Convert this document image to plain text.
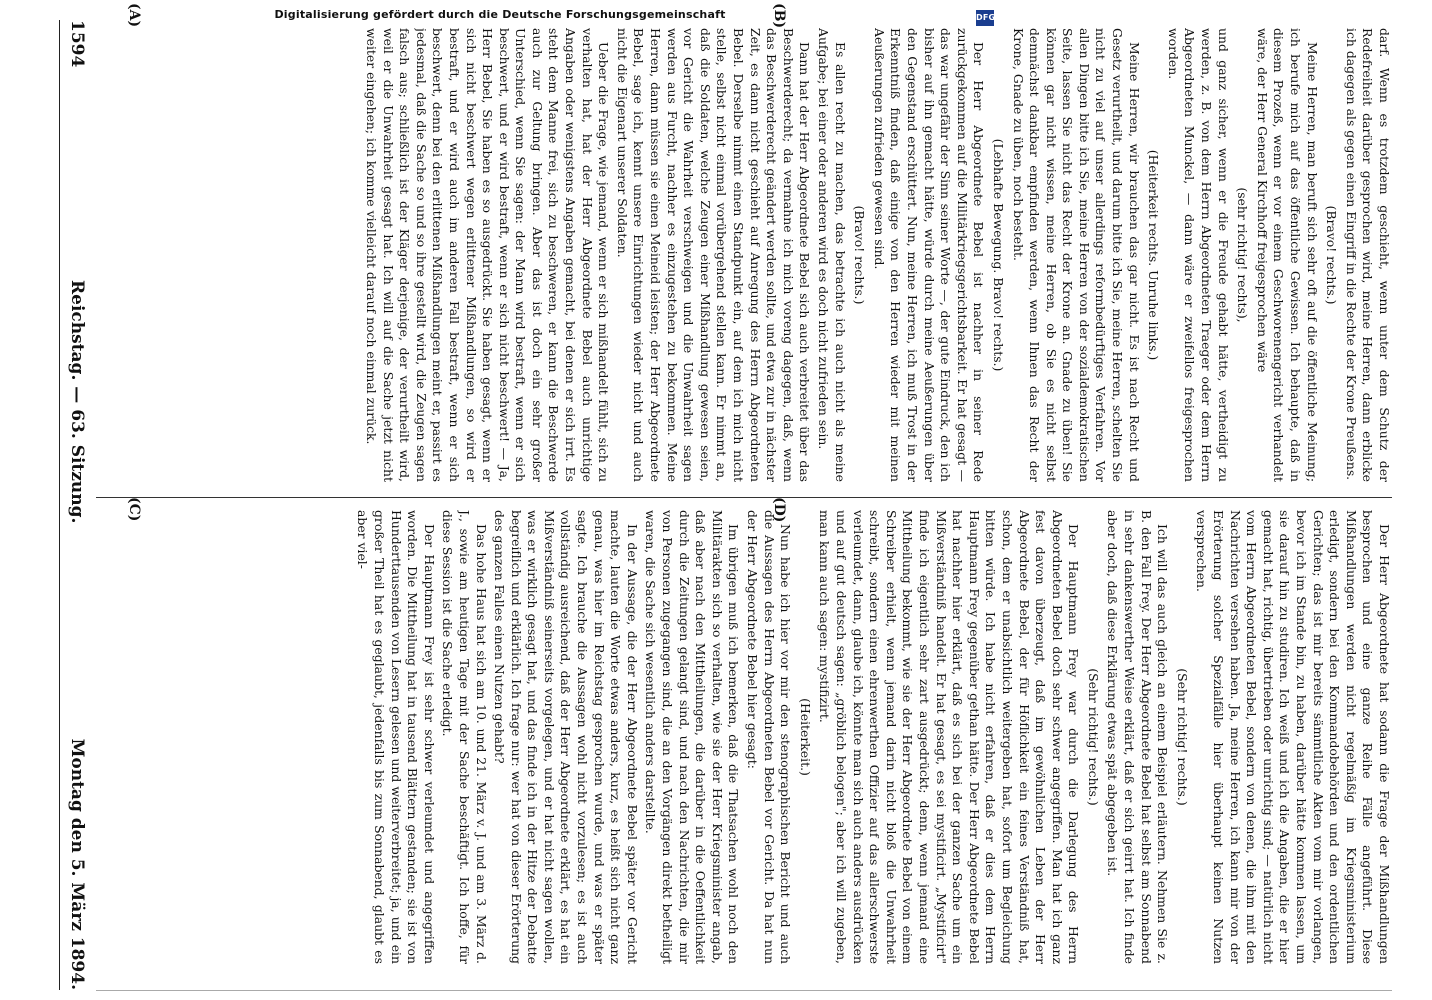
Digitalisierung gefördert durch die Deutsche Forschungsgemeinschaft	DFG
1594
Reichstag. — 63. Sitzung.
Montag den 5. März 1894.

darf. Wenn es trotzdem geschieht, wenn unter dem Schutz der Redefreiheit darüber gesprochen wird, meine Herren, dann erblicke ich dagegen als gegen einen Eingriff in die Rechte der Krone Preußens.

(Bravo! rechts.)

Meine Herren, man beruft sich sehr oft auf die öffentliche Meinung; ich berufe mich auf das öffentliche Gewissen. Ich behaupte, daß in diesem Prozeß, wenn er vor einem Geschworenengericht verhandelt wäre, der Herr General Kirchhoff freigesprochen wäre

(sehr richtig! rechts),

und ganz sicher, wenn er die Freude gehabt hätte, vertheidigt zu werden, z. B. von dem Herrn Abgeordneten Traeger oder dem Herrn Abgeordneten Munckel, — dann wäre er zweifellos freigesprochen worden.

(Heiterkeit rechts. Unruhe links.)

Meine Herren, wir brauchen das gar nicht. Es ist nach Recht und Gesetz verurtheilt, und darum bitte ich Sie, meine Herren, schelten Sie nicht zu viel auf unser allerdings reformbedürftiges Verfahren. Vor allen Dingen bitte ich Sie, meine Herren von der sozialdemokratischen Seite, lassen Sie nicht das Recht der Krone an. Gnade zu üben! Sie können gar nicht wissen, meine Herren, ob Sie es nicht selbst demnächst dankbar empfinden werden, wenn Ihnen das Recht der Krone, Gnade zu üben, noch besteht.

(Lebhafte Bewegung. Bravo! rechts.)

Der Herr Abgeordnete Bebel ist nachher in seiner Rede zurückgekommen auf die Militärkriegsgerichtsbarkeit. Er hat gesagt — das war ungefähr der Sinn seiner Worte —, der gute Eindruck, den ich bisher auf ihn gemacht hätte, würde durch meine Aeußerungen über den Gegenstand erschüttert. Nun, meine Herren, ich muß Trost in der Erkenntniß finden, daß einige von den Herren wieder mit meinen Aeußerungen zufrieden gewesen sind.

(Bravo! rechts.)

Es allen recht zu machen, das betrachte ich auch nicht als meine Aufgabe; bei einer oder anderen wird es doch nicht zufrieden sein.

Dann hat der Herr Abgeordnete Bebel sich auch verbreitet über das Beschwerderecht; da vermahne ich mich voreng dagegen, daß, wenn das Beschwerderecht geändert werden sollte, und etwa zur in nächster Zeit, es dann nicht geschieht auf Anregung des Herrn Abgeordneten Bebel. Derselbe nimmt einen Standpunkt ein, auf dem ich mich nicht stelle, selbst nicht einmal vorübergehend stellen kann. Er nimmt an, daß die Soldaten, welche Zeugen einer Mißhandlung gewesen seien, vor Gericht die Wahrheit verschweigen und die Unwahrheit sagen werden aus Furcht, nachher es einzugestehen zu bekommen. Meine Herren, dann müssen sie einen Meineid leisten; der Herr Abgeordnete Bebel, sage ich, kennt unsere Einrichtungen wieder nicht und auch nicht die Eigenart unserer Soldaten.

Ueber die Frage, wie jemand, wenn er sich mißhandelt fühlt, sich zu verhalten hat, hat der Herr Abgeordnete Bebel auch unrichtige Angaben oder wenigstens Angaben gemacht, bei denen er sich irrt. Es steht dem Manne frei, sich zu beschweren, er kann die Beschwerde auch zur Geltung bringen. Aber das ist doch ein sehr großer Unterschied, wenn Sie sagen: der Mann wird bestraft, wenn er sich beschwert, und er wird bestraft, wenn er sich nicht beschwert! — Ja, Herr Bebel, Sie haben es so ausgedrückt. Sie haben gesagt, wenn er sich nicht beschwert wegen erlittener Mißhandlungen, so wird er bestraft, und er wird auch im anderen Fall bestraft, wenn er sich beschwert, denn bei den erlittenen Mißhandlungen meint er, passirt es jedesmal, daß die Sache so und so ihre gestellt wird, die Zeugen sagen falsch aus; schließlich ist der Kläger derjenige, der verurtheilt wird, weil er die Unwahrheit gesagt hat. Ich will auf die Sache jetzt nicht weiter eingehen; ich komme vielleicht darauf noch einmal zurück.

Der Herr Abgeordnete hat sodann die Frage der Mißhandlungen besprochen und eine ganze Reihe Fälle angeführt. Diese Mißhandlungen werden nicht regelmäßig im Kriegsministerium erledigt, sondern bei den Kommandobehörden und den ordentlichen Gerichten; das ist mir bereits sämmtliche Akten vom mir vorlangen, bevor ich im Stande bin, zu haben, darüber hätte kommen lassen, um sie darauf hin zu studiren. Ich weiß und ich die Angaben, die er hier gemacht hat, richtig, übertrieben oder unrichtig sind; — natürlich nicht vom Herrn Abgeordneten Bebel, sondern von denen, die ihm mit den Nachrichten versehen haben. Ja, meine Herren, ich kann mir von der Erörterung solcher Spezialfälle hier überhaupt keinen Nutzen versprechen.

(Sehr richtig! rechts.)

Ich will das auch gleich an einem Beispiel erläutern. Nehmen Sie z. B. den Fall Frey. Der Herr Abgeordnete Bebel hat selbst am Sonnabend in sehr dankenswerther Weise erklärt, daß er sich geirrt hat. Ich finde aber doch, daß diese Erklärung etwas spät abgegeben ist.

(Sehr richtig! rechts.)

Der Hauptmann Frey war durch die Darlegung des Herrn Abgeordneten Bebel doch sehr schwer angegriffen. Man hat ich ganz fest davon überzeugt, daß im gewöhnlichen Leben der Herr Abgeordnete Bebel, der für Höflichkeit ein feines Verständniß hat, schon, dem er unabsichtlich weitergeben hat, sofort um Begleichung bitten würde. Ich habe nicht erfahren, daß er dies dem Herrn Hauptmann Frey gegenüber gethan hätte. Der Herr Abgeordnete Bebel hat nachher hier erklärt, daß es sich bei der ganzen Sache um ein Mißverständniß handelt. Er hat gesagt, es sei mystificirt. „Mystificirt" finde ich eigentlich sehr zart ausgedrückt; denn, wenn jemand eine Mittheilung bekommt, wie sie der Herr Abgeordnete Bebel von einem Schreiber erhielt, wenn jemand darin nicht bloß die Unwahrheit schreibt, sondern einen ehrenwerthen Offizier auf das allerschwerste verleumdet, dann, glaube ich, könnte man sich auch anders ausdrücken und auf gut deutsch sagen: „gröblich belogen"; aber ich will zugeben, man kann auch sagen: mystifizirt.

(Heiterkeit.)

Nun habe ich hier vor mir den stenographischen Bericht und auch die Aussagen des Herrn Abgeordneten Bebel vor Gericht. Da hat nun der Herr Abgeordnete Bebel hier gesagt:

Im übrigen muß ich bemerken, daß die Thatsachen wohl noch den Militärakten sich so verhalten, wie sie der Herr Kriegsminister angab, daß aber nach den Mittheilungen, die darüber in die Oeffentlichkeit durch die Zeitungen gelangt sind, und nach den Nachrichten, die mir von Personen zugegangen sind, die an den Vorgängen direkt betheiligt waren, die Sache sich wesentlich anders darstellte.

In der Aussage, die der Herr Abgeordnete Bebel später vor Gericht machte, lauten die Worte etwas anders, kurz, es heißt sich nicht ganz genau, was hier im Reichstag gesprochen wurde, und was er später sagte. Ich brauche die Aussagen wohl nicht vorzulesen; es ist auch vollständig ausreichend, daß der Herr Abgeordnete erklärt, es hat ein Mißverständniß seinerseits vorgelegen, und er hat nicht sagen wollen, was er wirklich gesagt hat, und das finde ich in der Hitze der Debatte begreiflich und erklärlich. Ich frage nur: wer hat von dieser Erörterung des ganzen Falles einen Nutzen gehabt?

Das hohe Haus hat sich am 10. und 21. März v. J. und am 3. März d. J., sowie am heutigen Tage mit der Sache beschäftigt. Ich hoffe, für diese Session ist die Sache erledigt.

Der Hauptmann Frey ist sehr schwer verleumdet und angegriffen worden. Die Mittheilung hat in tausend Blättern gestanden; sie ist von Hunderttausenden von Lesern gelesen und weiterverbreitet; ja, und ein großer Theil hat es geglaubt, jedenfalls bis zum Sonnabend, glaubt es aber viel-

(A)	(B)
(C)	(D)
